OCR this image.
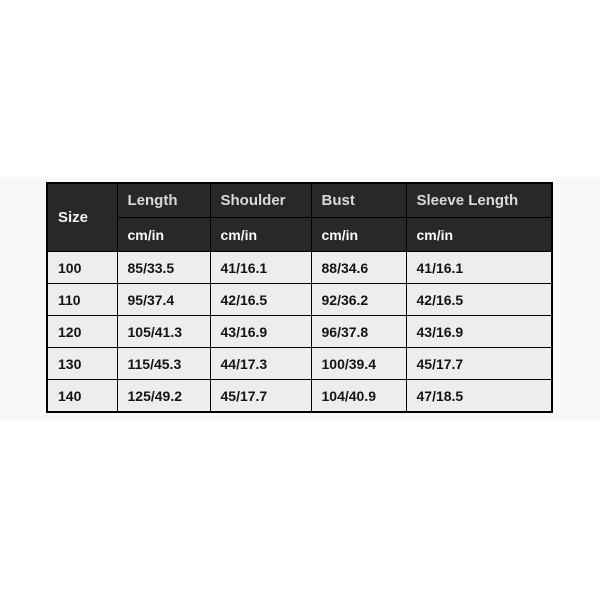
Size	Length	Shoulder	Bust	Sleeve Length
	cm/in	cm/in	cm/in	cm/in
100	85/33.5	41/16.1	88/34.6	41/16.1
110	95/37.4	42/16.5	92/36.2	42/16.5
120	105/41.3	43/16.9	96/37.8	43/16.9
130	115/45.3	44/17.3	100/39.4	45/17.7
140	125/49.2	45/17.7	104/40.9	47/18.5
